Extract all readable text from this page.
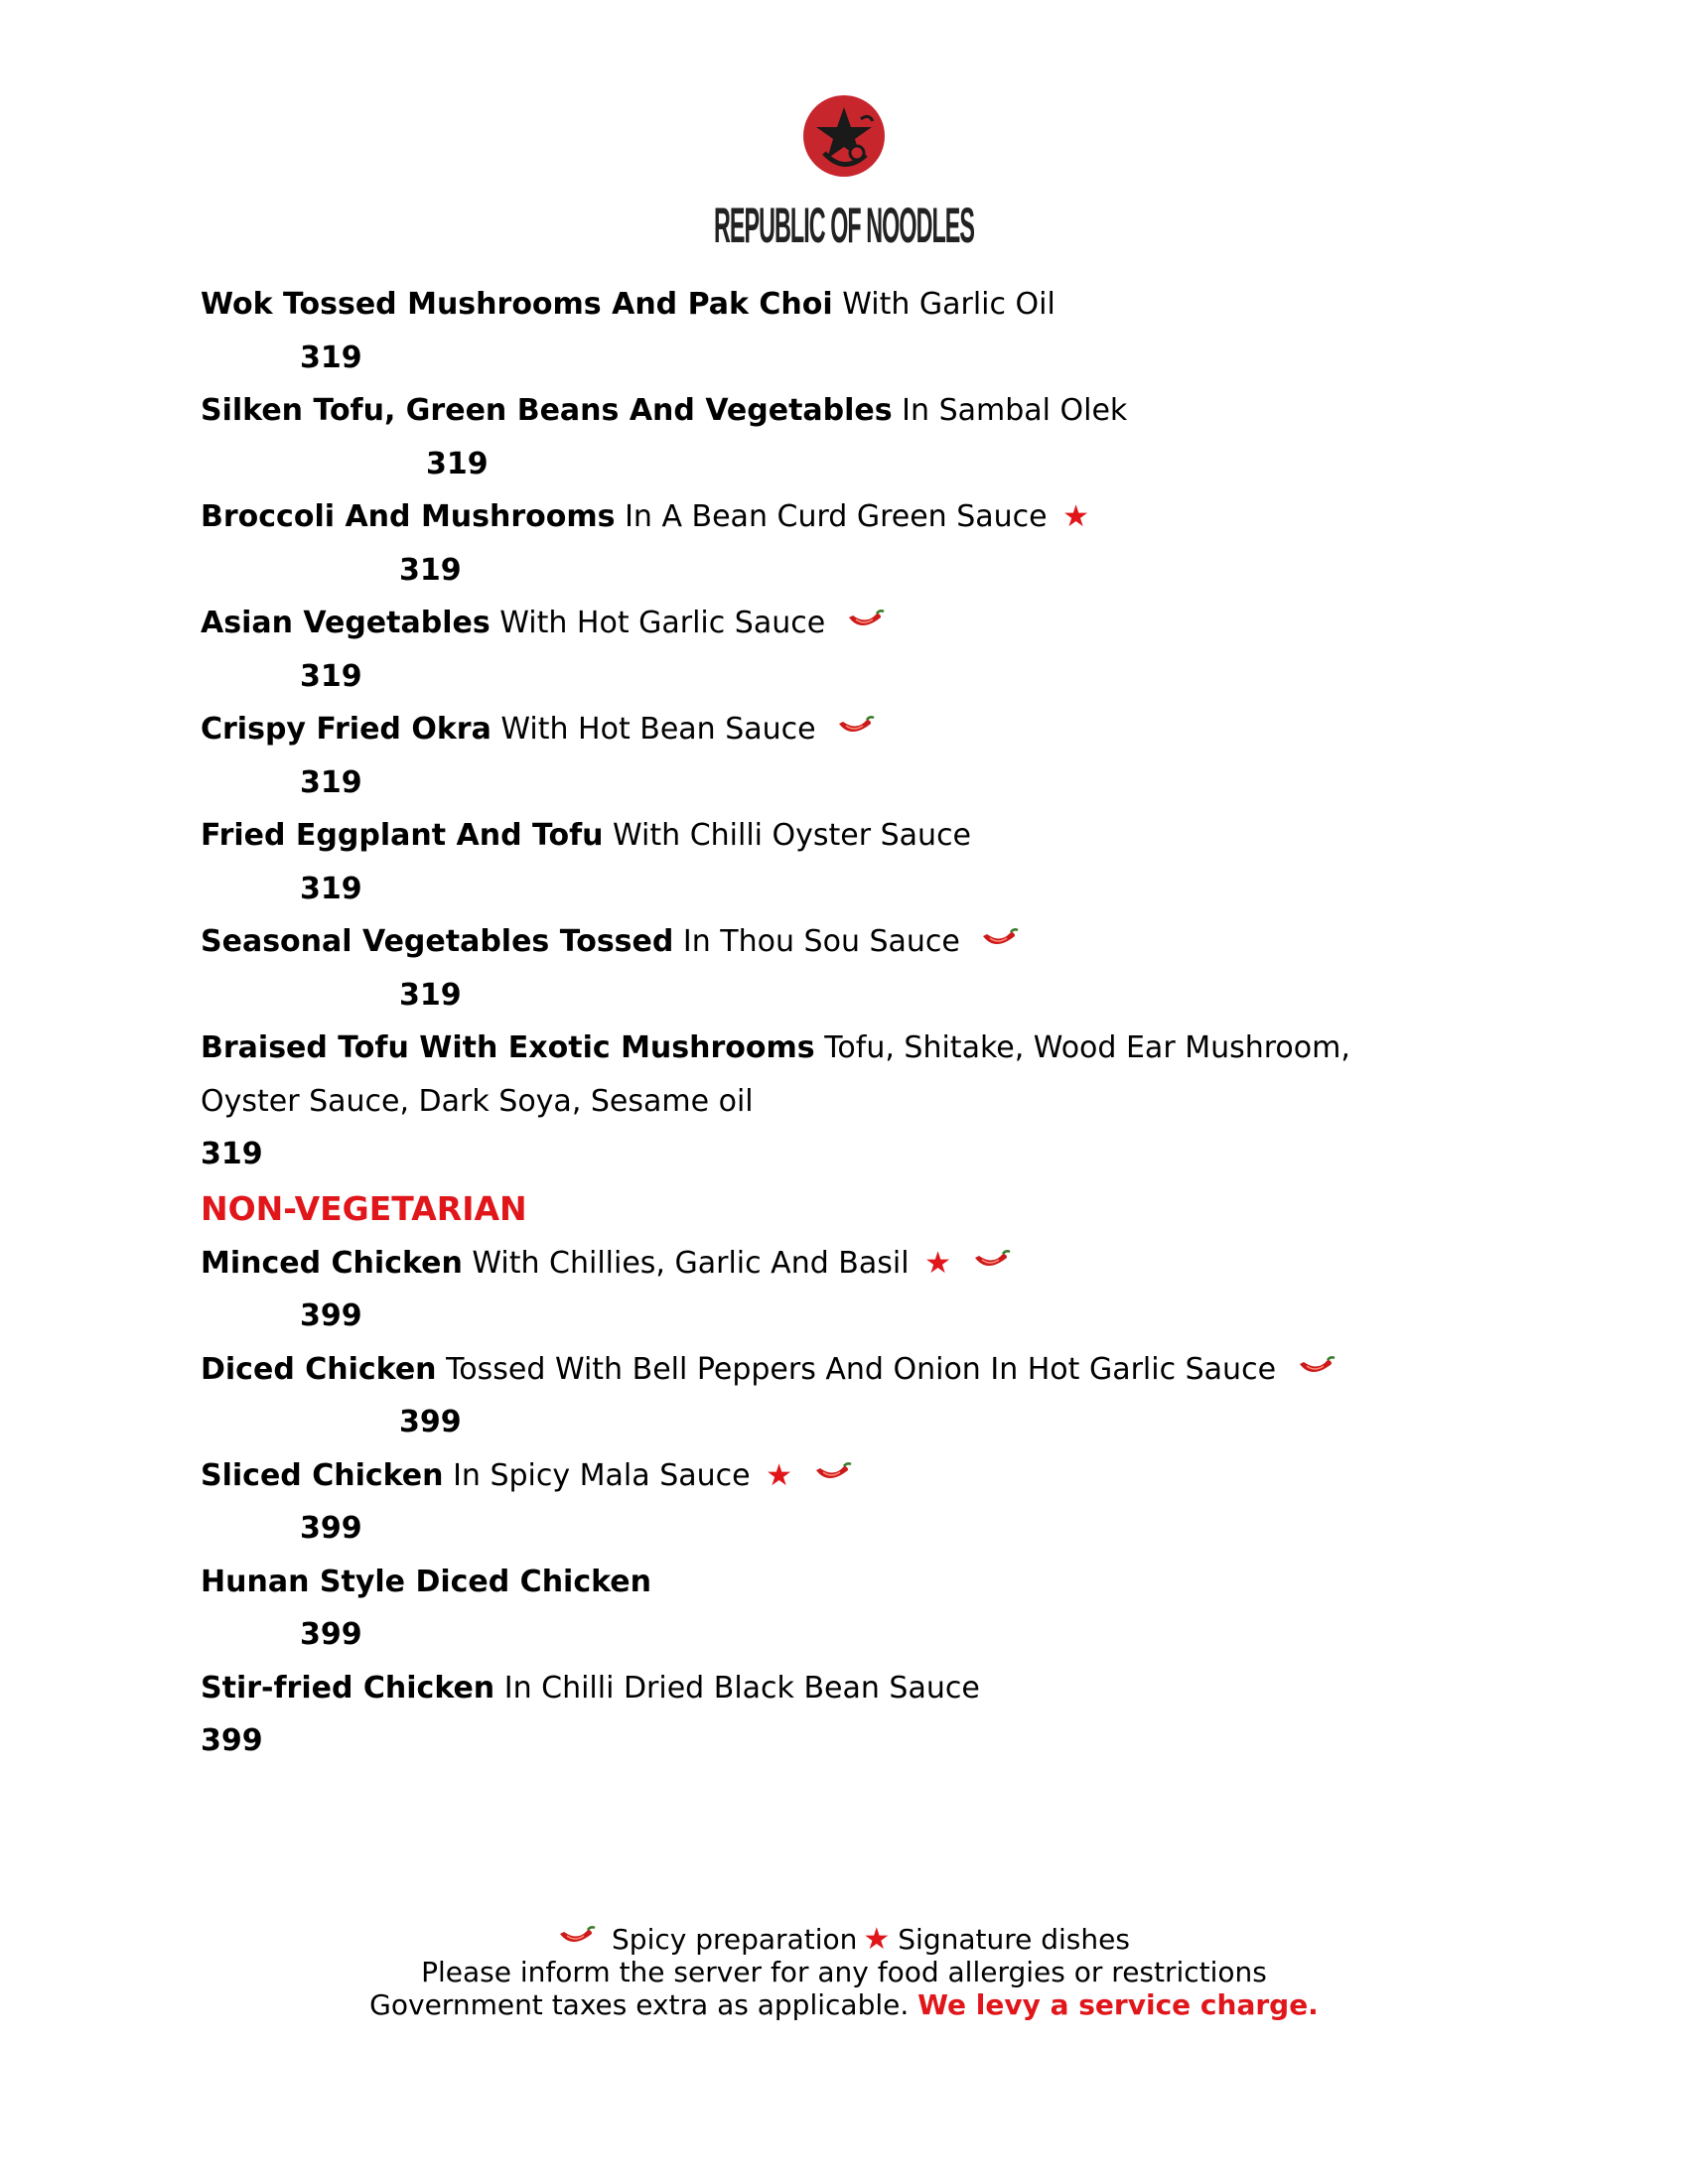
REPUBLIC OF NOODLES
Wok Tossed Mushrooms And Pak Choi With Garlic Oil
319
Silken Tofu, Green Beans And Vegetables In Sambal Olek
319
Broccoli And Mushrooms In A Bean Curd Green Sauce ★
319
Asian Vegetables With Hot Garlic Sauce
319
Crispy Fried Okra With Hot Bean Sauce
319
Fried Eggplant And Tofu With Chilli Oyster Sauce
319
Seasonal Vegetables Tossed In Thou Sou Sauce
319
Braised Tofu With Exotic Mushrooms Tofu, Shitake, Wood Ear Mushroom,
Oyster Sauce, Dark Soya, Sesame oil
319
NON-VEGETARIAN
Minced Chicken With Chillies, Garlic And Basil ★
399
Diced Chicken Tossed With Bell Peppers And Onion In Hot Garlic Sauce
399
Sliced Chicken In Spicy Mala Sauce ★
399
Hunan Style Diced Chicken
399
Stir-fried Chicken In Chilli Dried Black Bean Sauce
399
Spicy preparation ★ Signature dishes
Please inform the server for any food allergies or restrictions
Government taxes extra as applicable. We levy a service charge.
